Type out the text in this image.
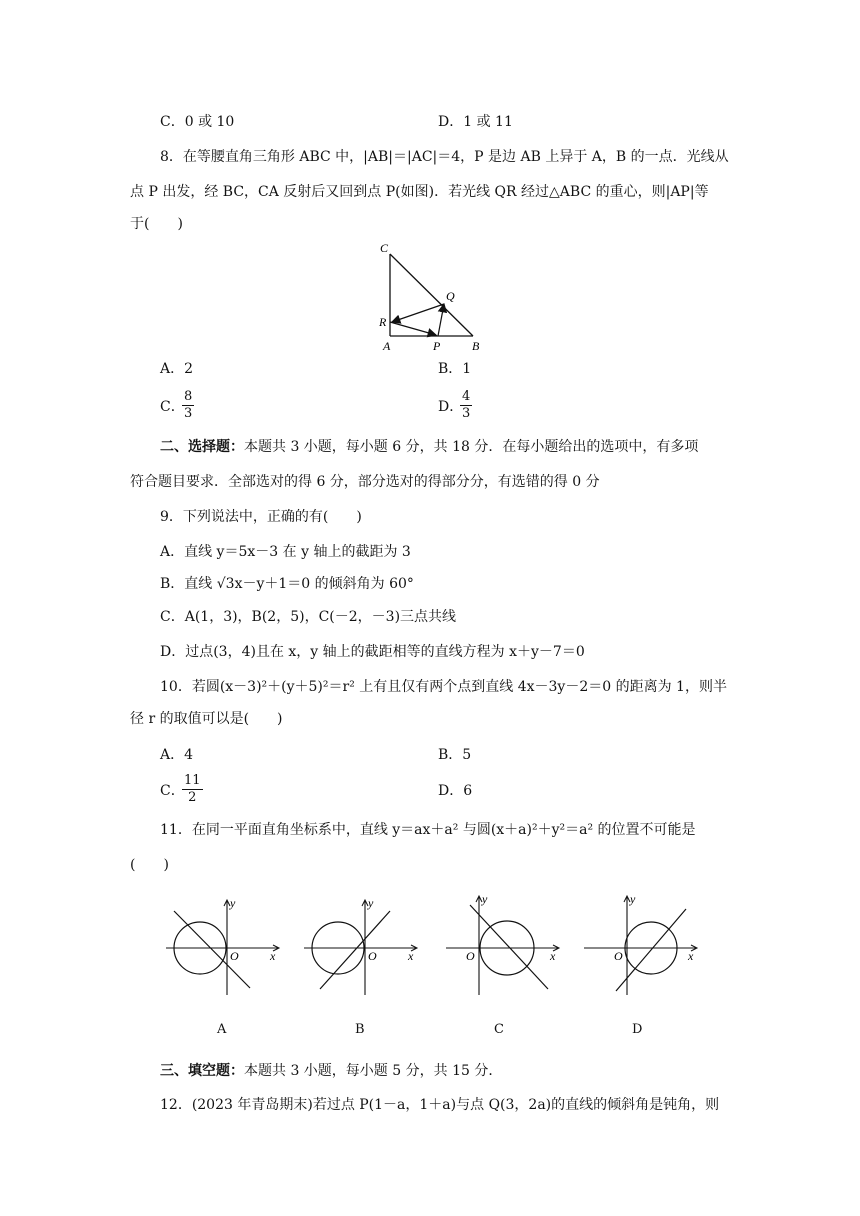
C．0 或 10	D．1 或 11
8．在等腰直角三角形 ABC 中，|AB|＝|AC|＝4，P 是边 AB 上异于 A，B 的一点．光线从
点 P 出发，经 BC，CA 反射后又回到点 P(如图)．若光线 QR 经过△ABC 的重心，则|AP|等
于(　　)
C
Q
R
A	P	B
A．2	B．1
C．
8
3	D．
4
3
二、选择题：本题共 3 小题，每小题 6 分，共 18 分．在每小题给出的选项中，有多项
符合题目要求．全部选对的得 6 分，部分选对的得部分分，有选错的得 0 分
9．下列说法中，正确的有(　　)
A．直线 y＝5x－3 在 y 轴上的截距为 3
B．直线 √3x－y＋1＝0 的倾斜角为 60°
C．A(1，3)，B(2，5)，C(－2，－3)三点共线
D．过点(3，4)且在 x，y 轴上的截距相等的直线方程为 x＋y－7＝0
10．若圆(x－3)²＋(y＋5)²＝r² 上有且仅有两个点到直线 4x－3y－2＝0 的距离为 1，则半
径 r 的取值可以是(　　)
A．4	B．5
C．
11
2	D．6
11．在同一平面直角坐标系中，直线 y＝ax＋a² 与圆(x＋a)²＋y²＝a² 的位置不可能是
(　　)
x
y
O
A
x
y
O
B
x
y
O
C
x
y
O
D
三、填空题：本题共 3 小题，每小题 5 分，共 15 分．
12．(2023 年青岛期末)若过点 P(1－a，1＋a)与点 Q(3，2a)的直线的倾斜角是钝角，则
